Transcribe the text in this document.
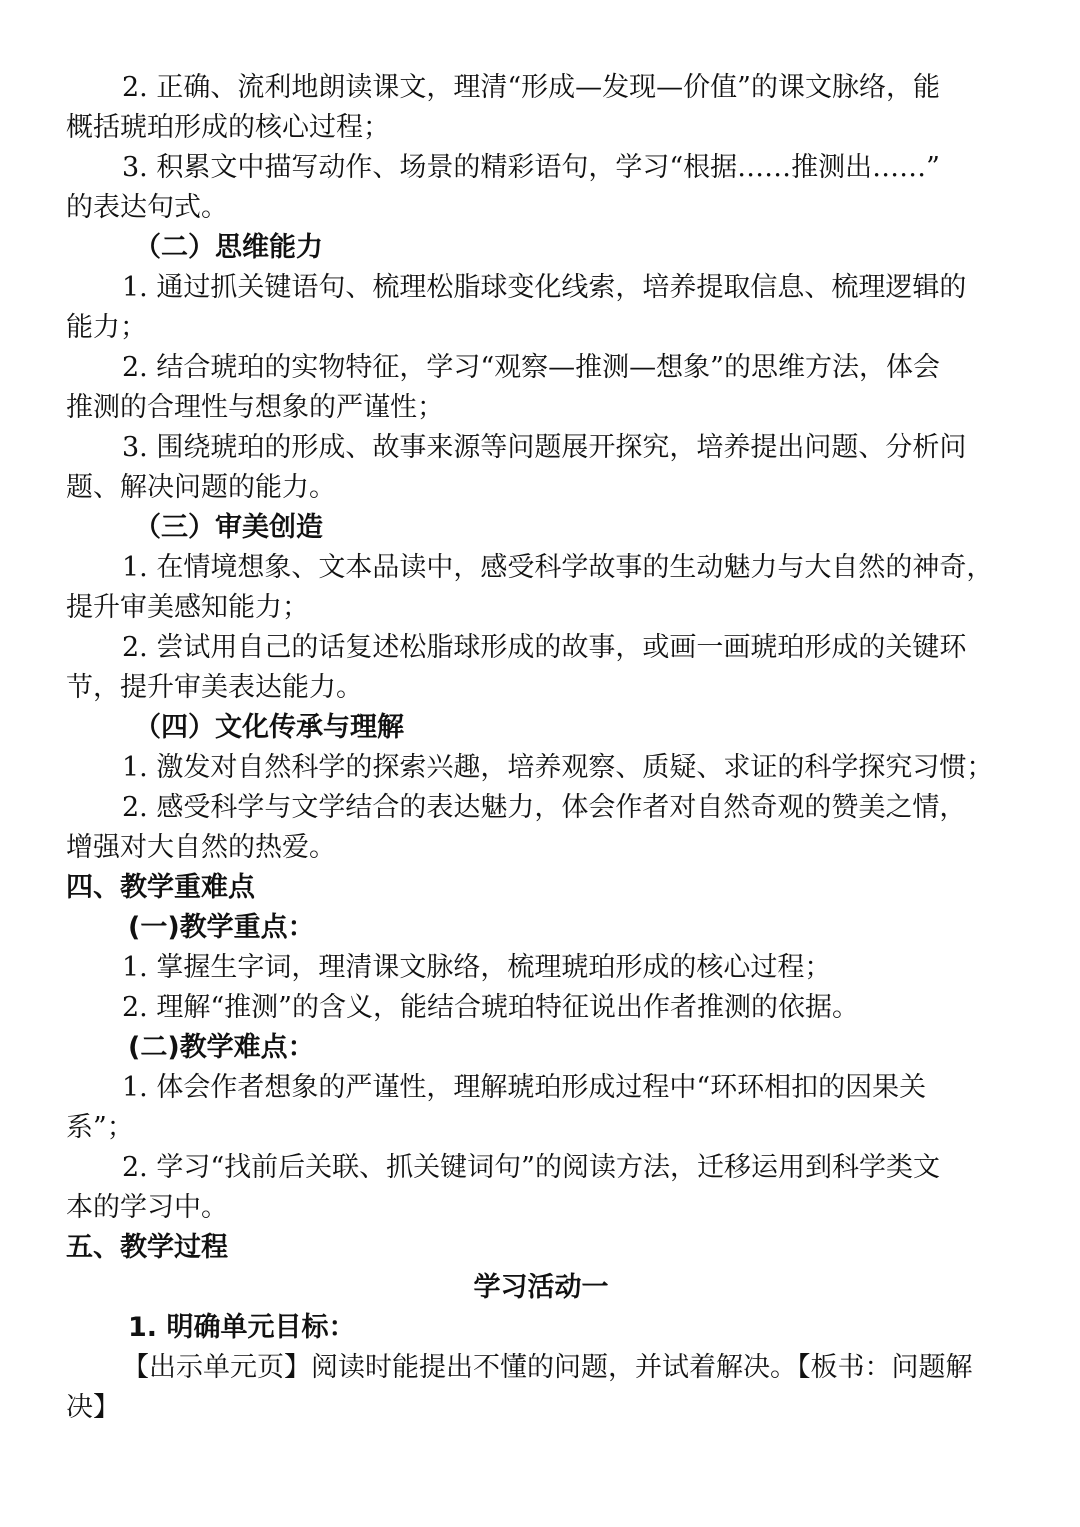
2. 正确、流利地朗读课文，理清“形成—发现—价值”的课文脉络，能
概括琥珀形成的核心过程；
3. 积累文中描写动作、场景的精彩语句，学习“根据……推测出……”
的表达句式。
（二）思维能力
1. 通过抓关键语句、梳理松脂球变化线索，培养提取信息、梳理逻辑的
能力；
2. 结合琥珀的实物特征，学习“观察—推测—想象”的思维方法，体会
推测的合理性与想象的严谨性；
3. 围绕琥珀的形成、故事来源等问题展开探究，培养提出问题、分析问
题、解决问题的能力。
（三）审美创造
1. 在情境想象、文本品读中，感受科学故事的生动魅力与大自然的神奇，
提升审美感知能力；
2. 尝试用自己的话复述松脂球形成的故事，或画一画琥珀形成的关键环
节，提升审美表达能力。
（四）文化传承与理解
1. 激发对自然科学的探索兴趣，培养观察、质疑、求证的科学探究习惯；
2. 感受科学与文学结合的表达魅力，体会作者对自然奇观的赞美之情，
增强对大自然的热爱。
四、教学重难点
(一)教学重点：
1. 掌握生字词，理清课文脉络，梳理琥珀形成的核心过程；
2. 理解“推测”的含义，能结合琥珀特征说出作者推测的依据。
(二)教学难点：
1. 体会作者想象的严谨性，理解琥珀形成过程中“环环相扣的因果关
系”；
2. 学习“找前后关联、抓关键词句”的阅读方法，迁移运用到科学类文
本的学习中。
五、教学过程
学习活动一
1. 明确单元目标：
【出示单元页】阅读时能提出不懂的问题，并试着解决。【板书：问题解
决】
